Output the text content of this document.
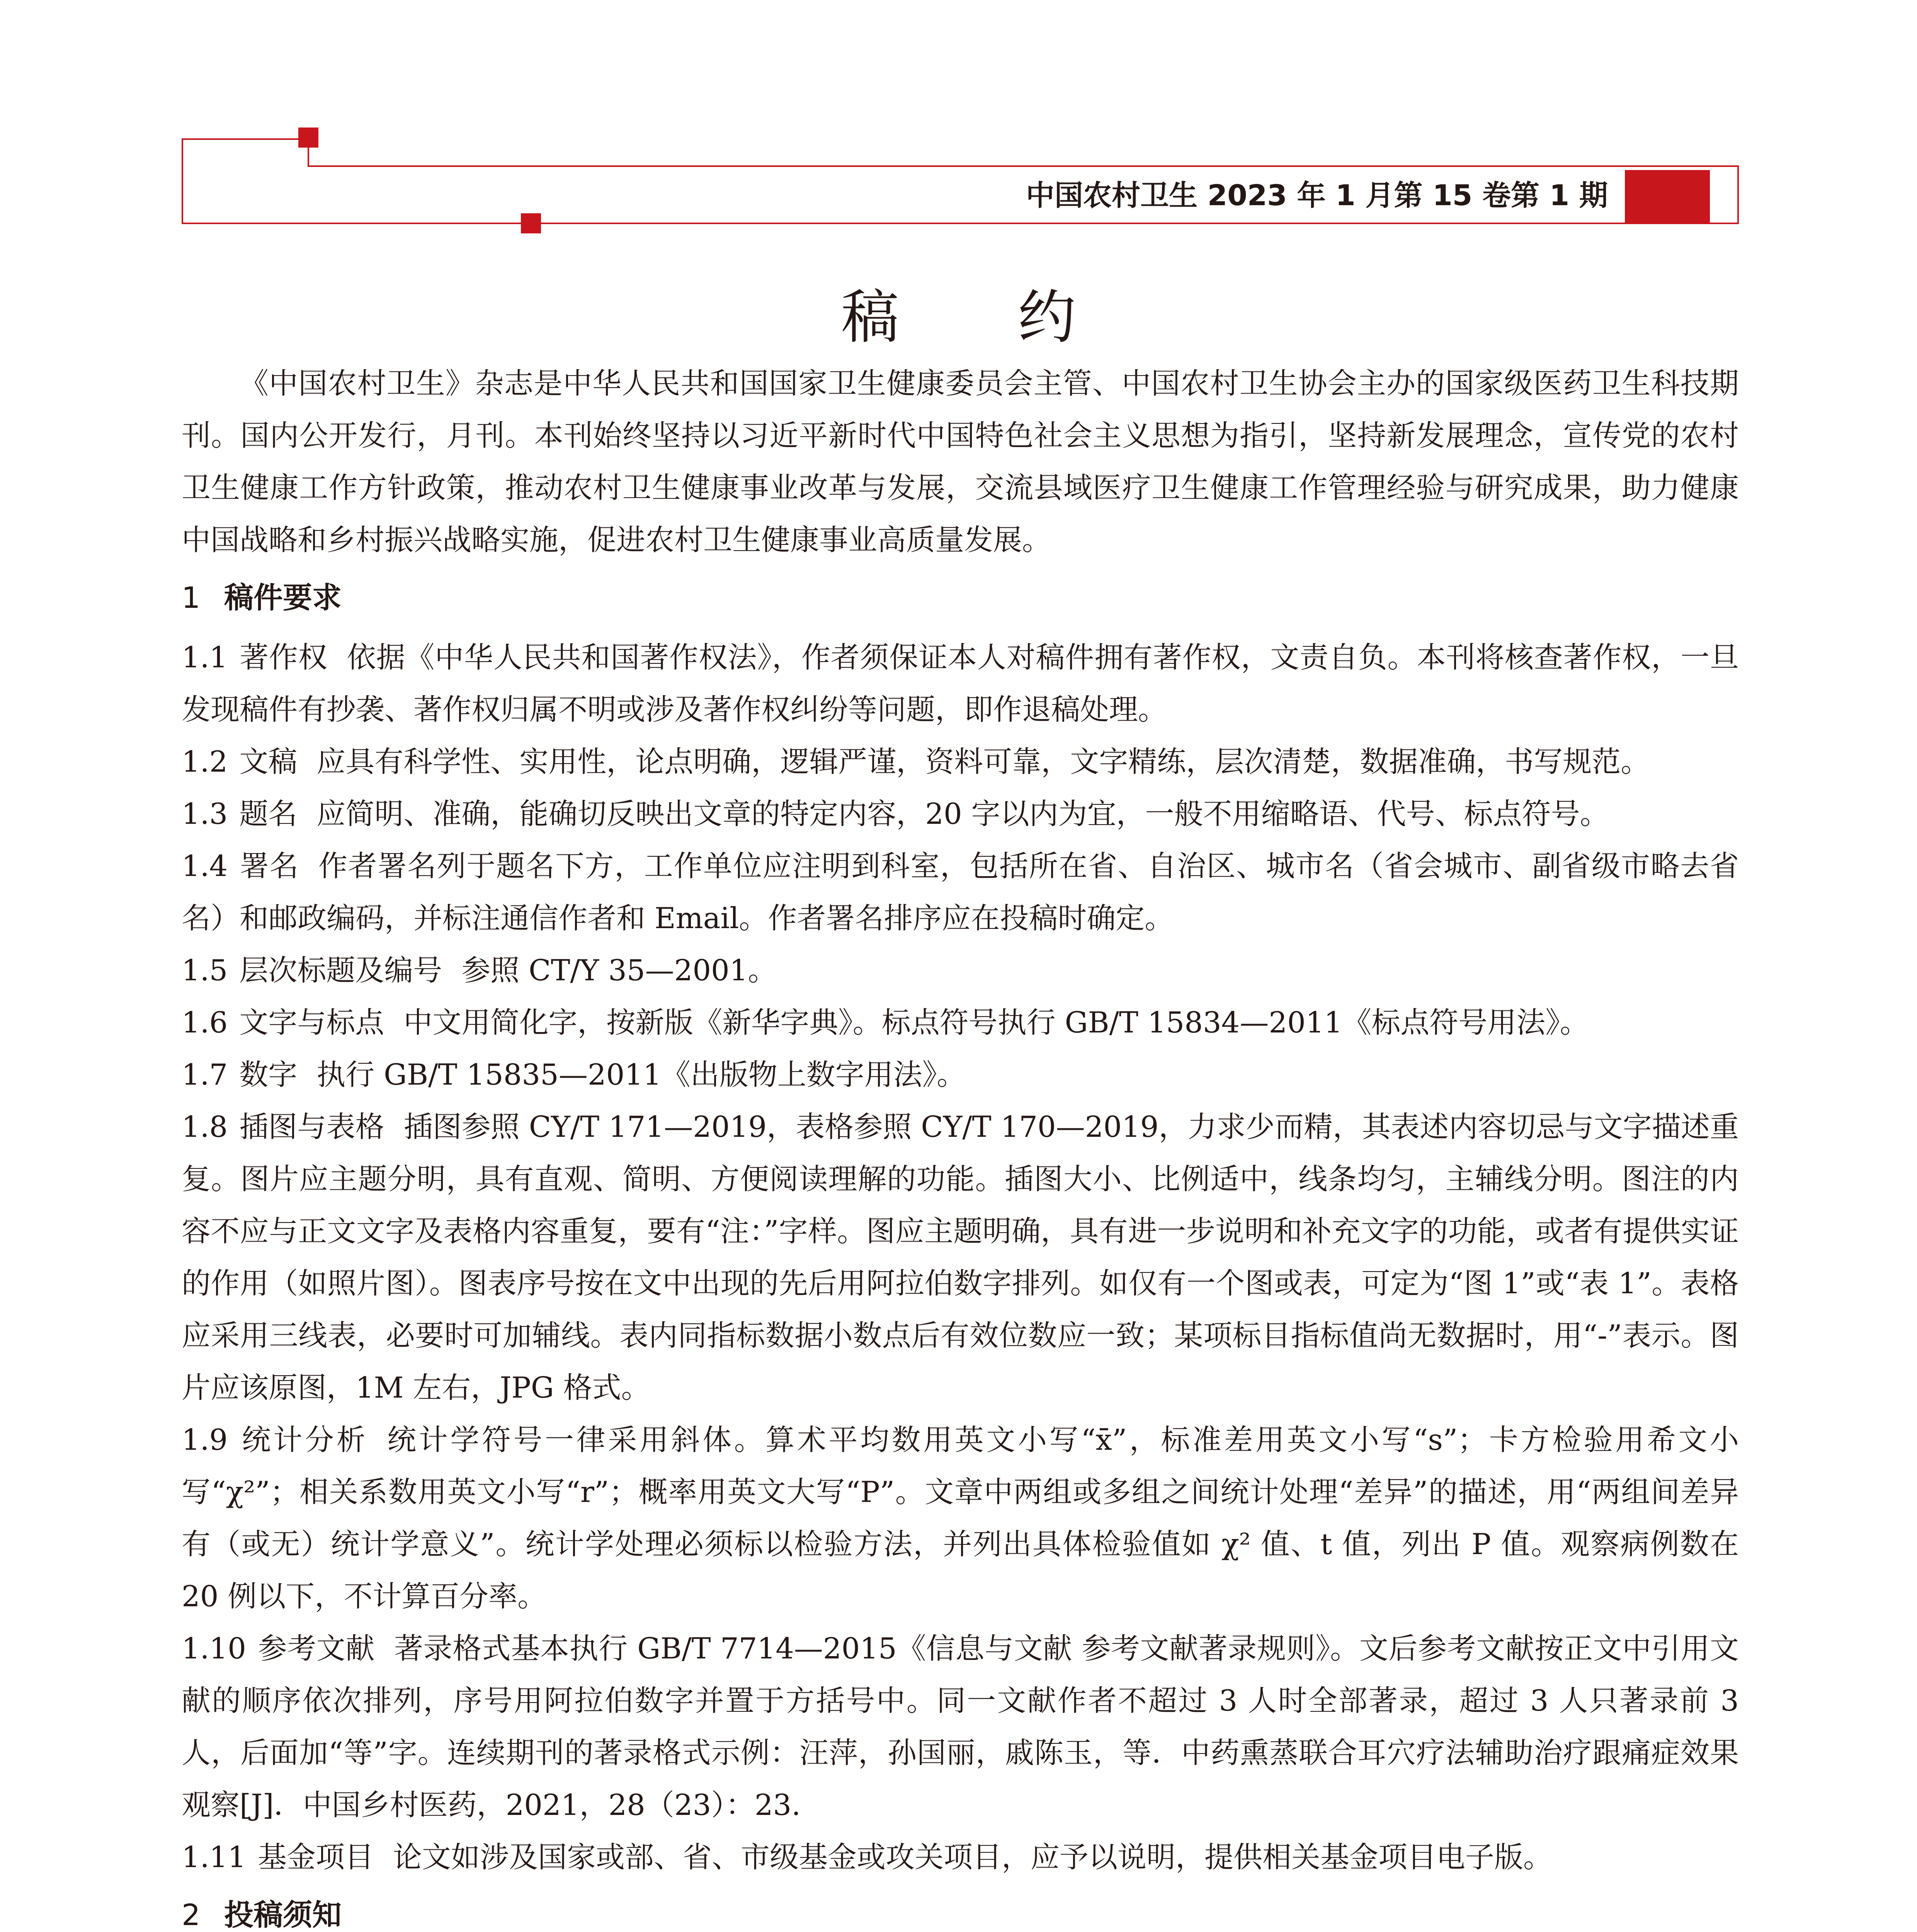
中国农村卫生 2023 年 1 月第 15 卷第 1 期
稿 约

《中国农村卫生》杂志是中华人民共和国国家卫生健康委员会主管、中国农村卫生协会主办的国家级医药卫生科技期刊。国内公开发行，月刊。本刊始终坚持以习近平新时代中国特色社会主义思想为指引，坚持新发展理念，宣传党的农村卫生健康工作方针政策，推动农村卫生健康事业改革与发展，交流县域医疗卫生健康工作管理经验与研究成果，助力健康中国战略和乡村振兴战略实施，促进农村卫生健康事业高质量发展。

1 稿件要求

1.1 著作权 依据《中华人民共和国著作权法》，作者须保证本人对稿件拥有著作权，文责自负。本刊将核查著作权，一旦发现稿件有抄袭、著作权归属不明或涉及著作权纠纷等问题，即作退稿处理。

1.2 文稿 应具有科学性、实用性，论点明确，逻辑严谨，资料可靠，文字精练，层次清楚，数据准确，书写规范。

1.3 题名 应简明、准确，能确切反映出文章的特定内容，20 字以内为宜，一般不用缩略语、代号、标点符号。

1.4 署名 作者署名列于题名下方，工作单位应注明到科室，包括所在省、自治区、城市名（省会城市、副省级市略去省名）和邮政编码，并标注通信作者和 Email。作者署名排序应在投稿时确定。

1.5 层次标题及编号 参照 CT/Y 35—2001。

1.6 文字与标点 中文用简化字，按新版《新华字典》。标点符号执行 GB/T 15834—2011《标点符号用法》。

1.7 数字 执行 GB/T 15835—2011《出版物上数字用法》。

1.8 插图与表格 插图参照 CY/T 171—2019，表格参照 CY/T 170—2019，力求少而精，其表述内容切忌与文字描述重复。图片应主题分明，具有直观、简明、方便阅读理解的功能。插图大小、比例适中，线条均匀，主辅线分明。图注的内容不应与正文文字及表格内容重复，要有“注：”字样。图应主题明确，具有进一步说明和补充文字的功能，或者有提供实证的作用（如照片图）。图表序号按在文中出现的先后用阿拉伯数字排列。如仅有一个图或表，可定为“图 1”或“表 1”。表格应采用三线表，必要时可加辅线。表内同指标数据小数点后有效位数应一致；某项标目指标值尚无数据时，用“-”表示。图片应该原图，1M 左右，JPG 格式。

1.9 统计分析 统计学符号一律采用斜体。算术平均数用英文小写“x̄”，标准差用英文小写“s”；卡方检验用希文小写“χ²”；相关系数用英文小写“r”；概率用英文大写“P”。文章中两组或多组之间统计处理“差异”的描述，用“两组间差异有（或无）统计学意义”。统计学处理必须标以检验方法，并列出具体检验值如 χ² 值、t 值，列出 P 值。观察病例数在 20 例以下，不计算百分率。

1.10 参考文献 著录格式基本执行 GB/T 7714—2015《信息与文献 参考文献著录规则》。文后参考文献按正文中引用文献的顺序依次排列，序号用阿拉伯数字并置于方括号中。同一文献作者不超过 3 人时全部著录，超过 3 人只著录前 3 人，后面加“等”字。连续期刊的著录格式示例：汪萍，孙国丽，戚陈玉，等．中药熏蒸联合耳穴疗法辅助治疗跟痛症效果观察[J]．中国乡村医药，2021，28（23）：23.

1.11 基金项目 论文如涉及国家或部、省、市级基金或攻关项目，应予以说明，提供相关基金项目电子版。

2 投稿须知
